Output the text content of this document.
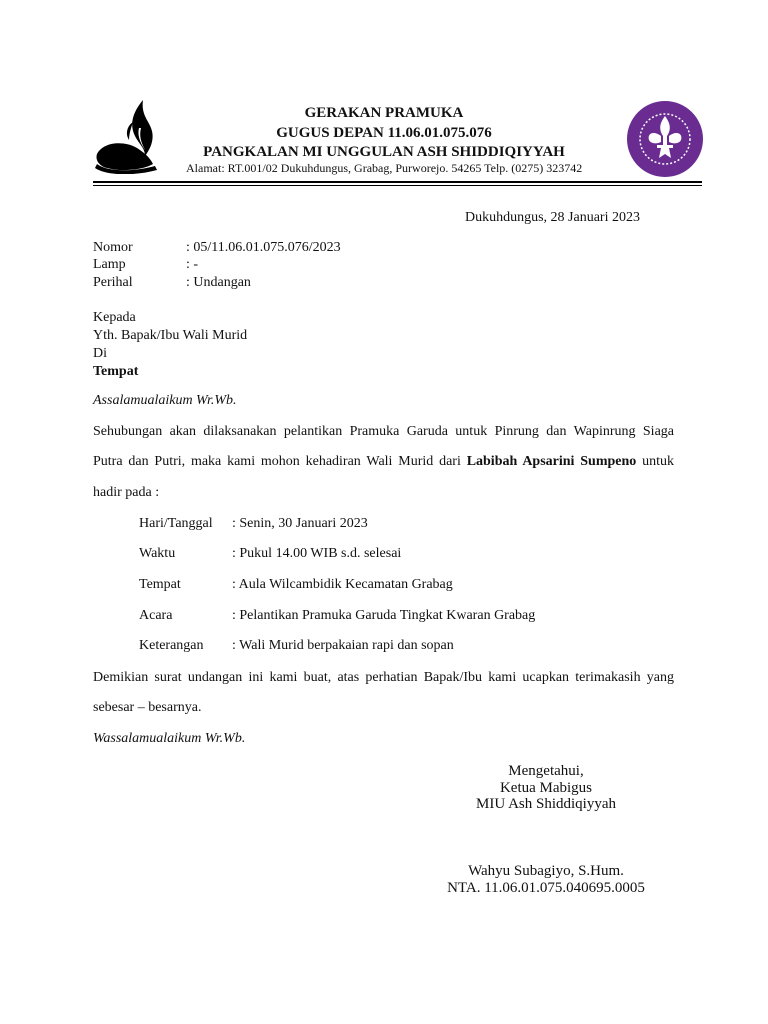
GERAKAN PRAMUKA
GUGUS DEPAN 11.06.01.075.076
PANGKALAN MI UNGGULAN ASH SHIDDIQIYYAH
Alamat: RT.001/02 Dukuhdungus, Grabag, Purworejo. 54265 Telp. (0275) 323742
Dukuhdungus, 28 Januari 2023
Nomor	: 05/11.06.01.075.076/2023
Lamp	: -
Perihal	: Undangan
Kepada
Yth. Bapak/Ibu Wali Murid
Di
Tempat
Assalamualaikum Wr.Wb.
Sehubungan akan dilaksanakan pelantikan Pramuka Garuda untuk Pinrung dan Wapinrung Siaga
Putra dan Putri, maka kami mohon kehadiran Wali Murid dari Labibah Apsarini Sumpeno untuk
hadir pada :
Hari/Tanggal : Senin, 30 Januari 2023
Waktu	: Pukul 14.00 WIB s.d. selesai
Tempat	: Aula Wilcambidik Kecamatan Grabag
Acara	: Pelantikan Pramuka Garuda Tingkat Kwaran Grabag
Keterangan : Wali Murid berpakaian rapi dan sopan
Demikian surat undangan ini kami buat, atas perhatian Bapak/Ibu kami ucapkan terimakasih yang
sebesar – besarnya.
Wassalamualaikum Wr.Wb.
Mengetahui,
Ketua Mabigus
MIU Ash Shiddiqiyyah
Wahyu Subagiyo, S.Hum.
NTA. 11.06.01.075.040695.0005
